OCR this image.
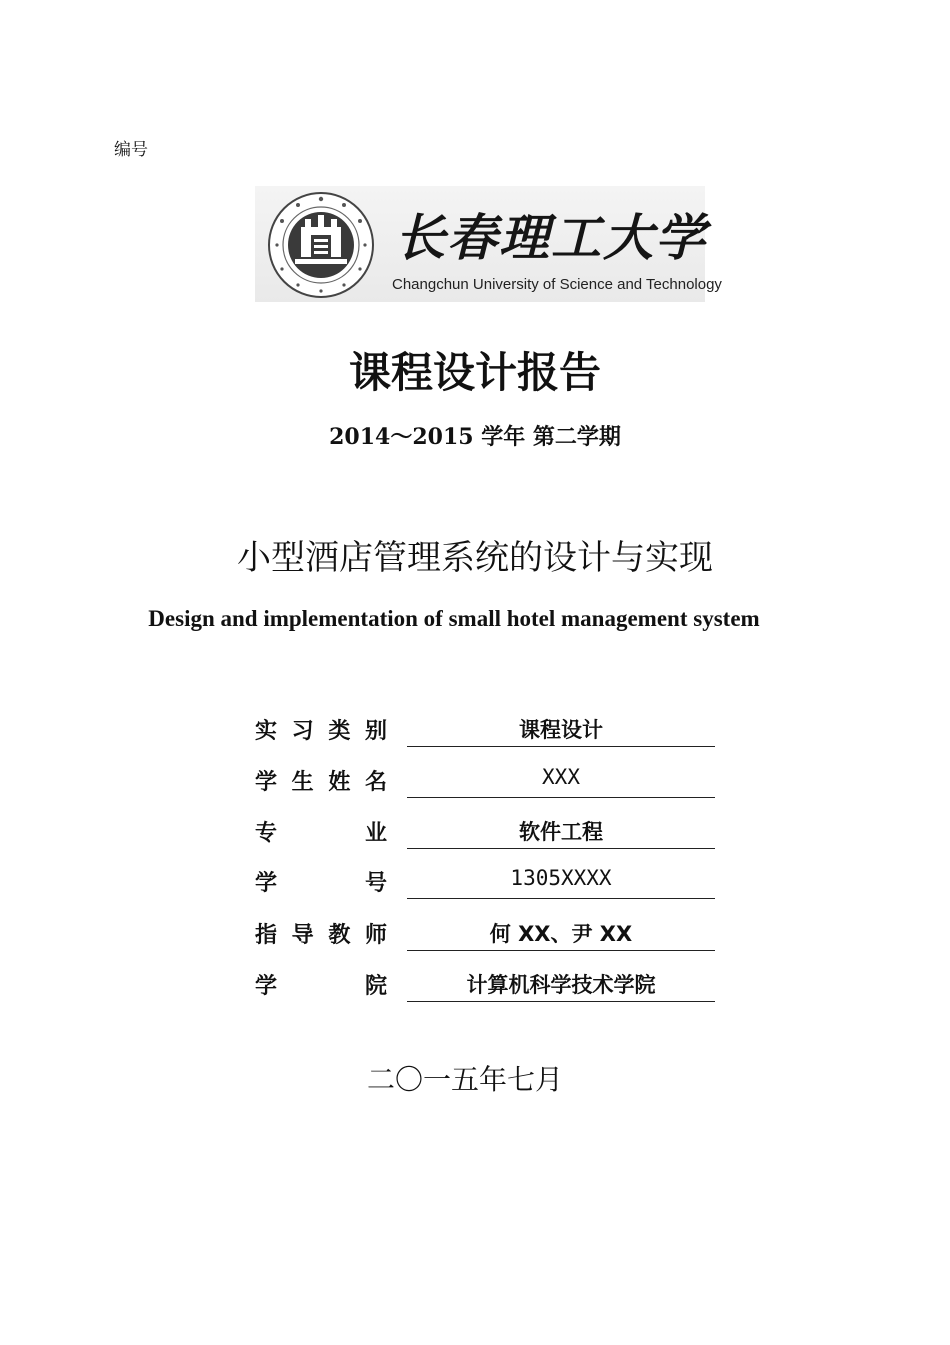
编号
长春理工大学
Changchun University of Science and Technology
课程设计报告
2014～2015 学年 第二学期
小型酒店管理系统的设计与实现
Design and implementation of small hotel management system
实习类别	课程设计
学生姓名	XXX
专业	软件工程
学号	1305XXXX
指导教师	何 XX、尹 XX
学院	计算机科学技术学院
二〇一五年七月
